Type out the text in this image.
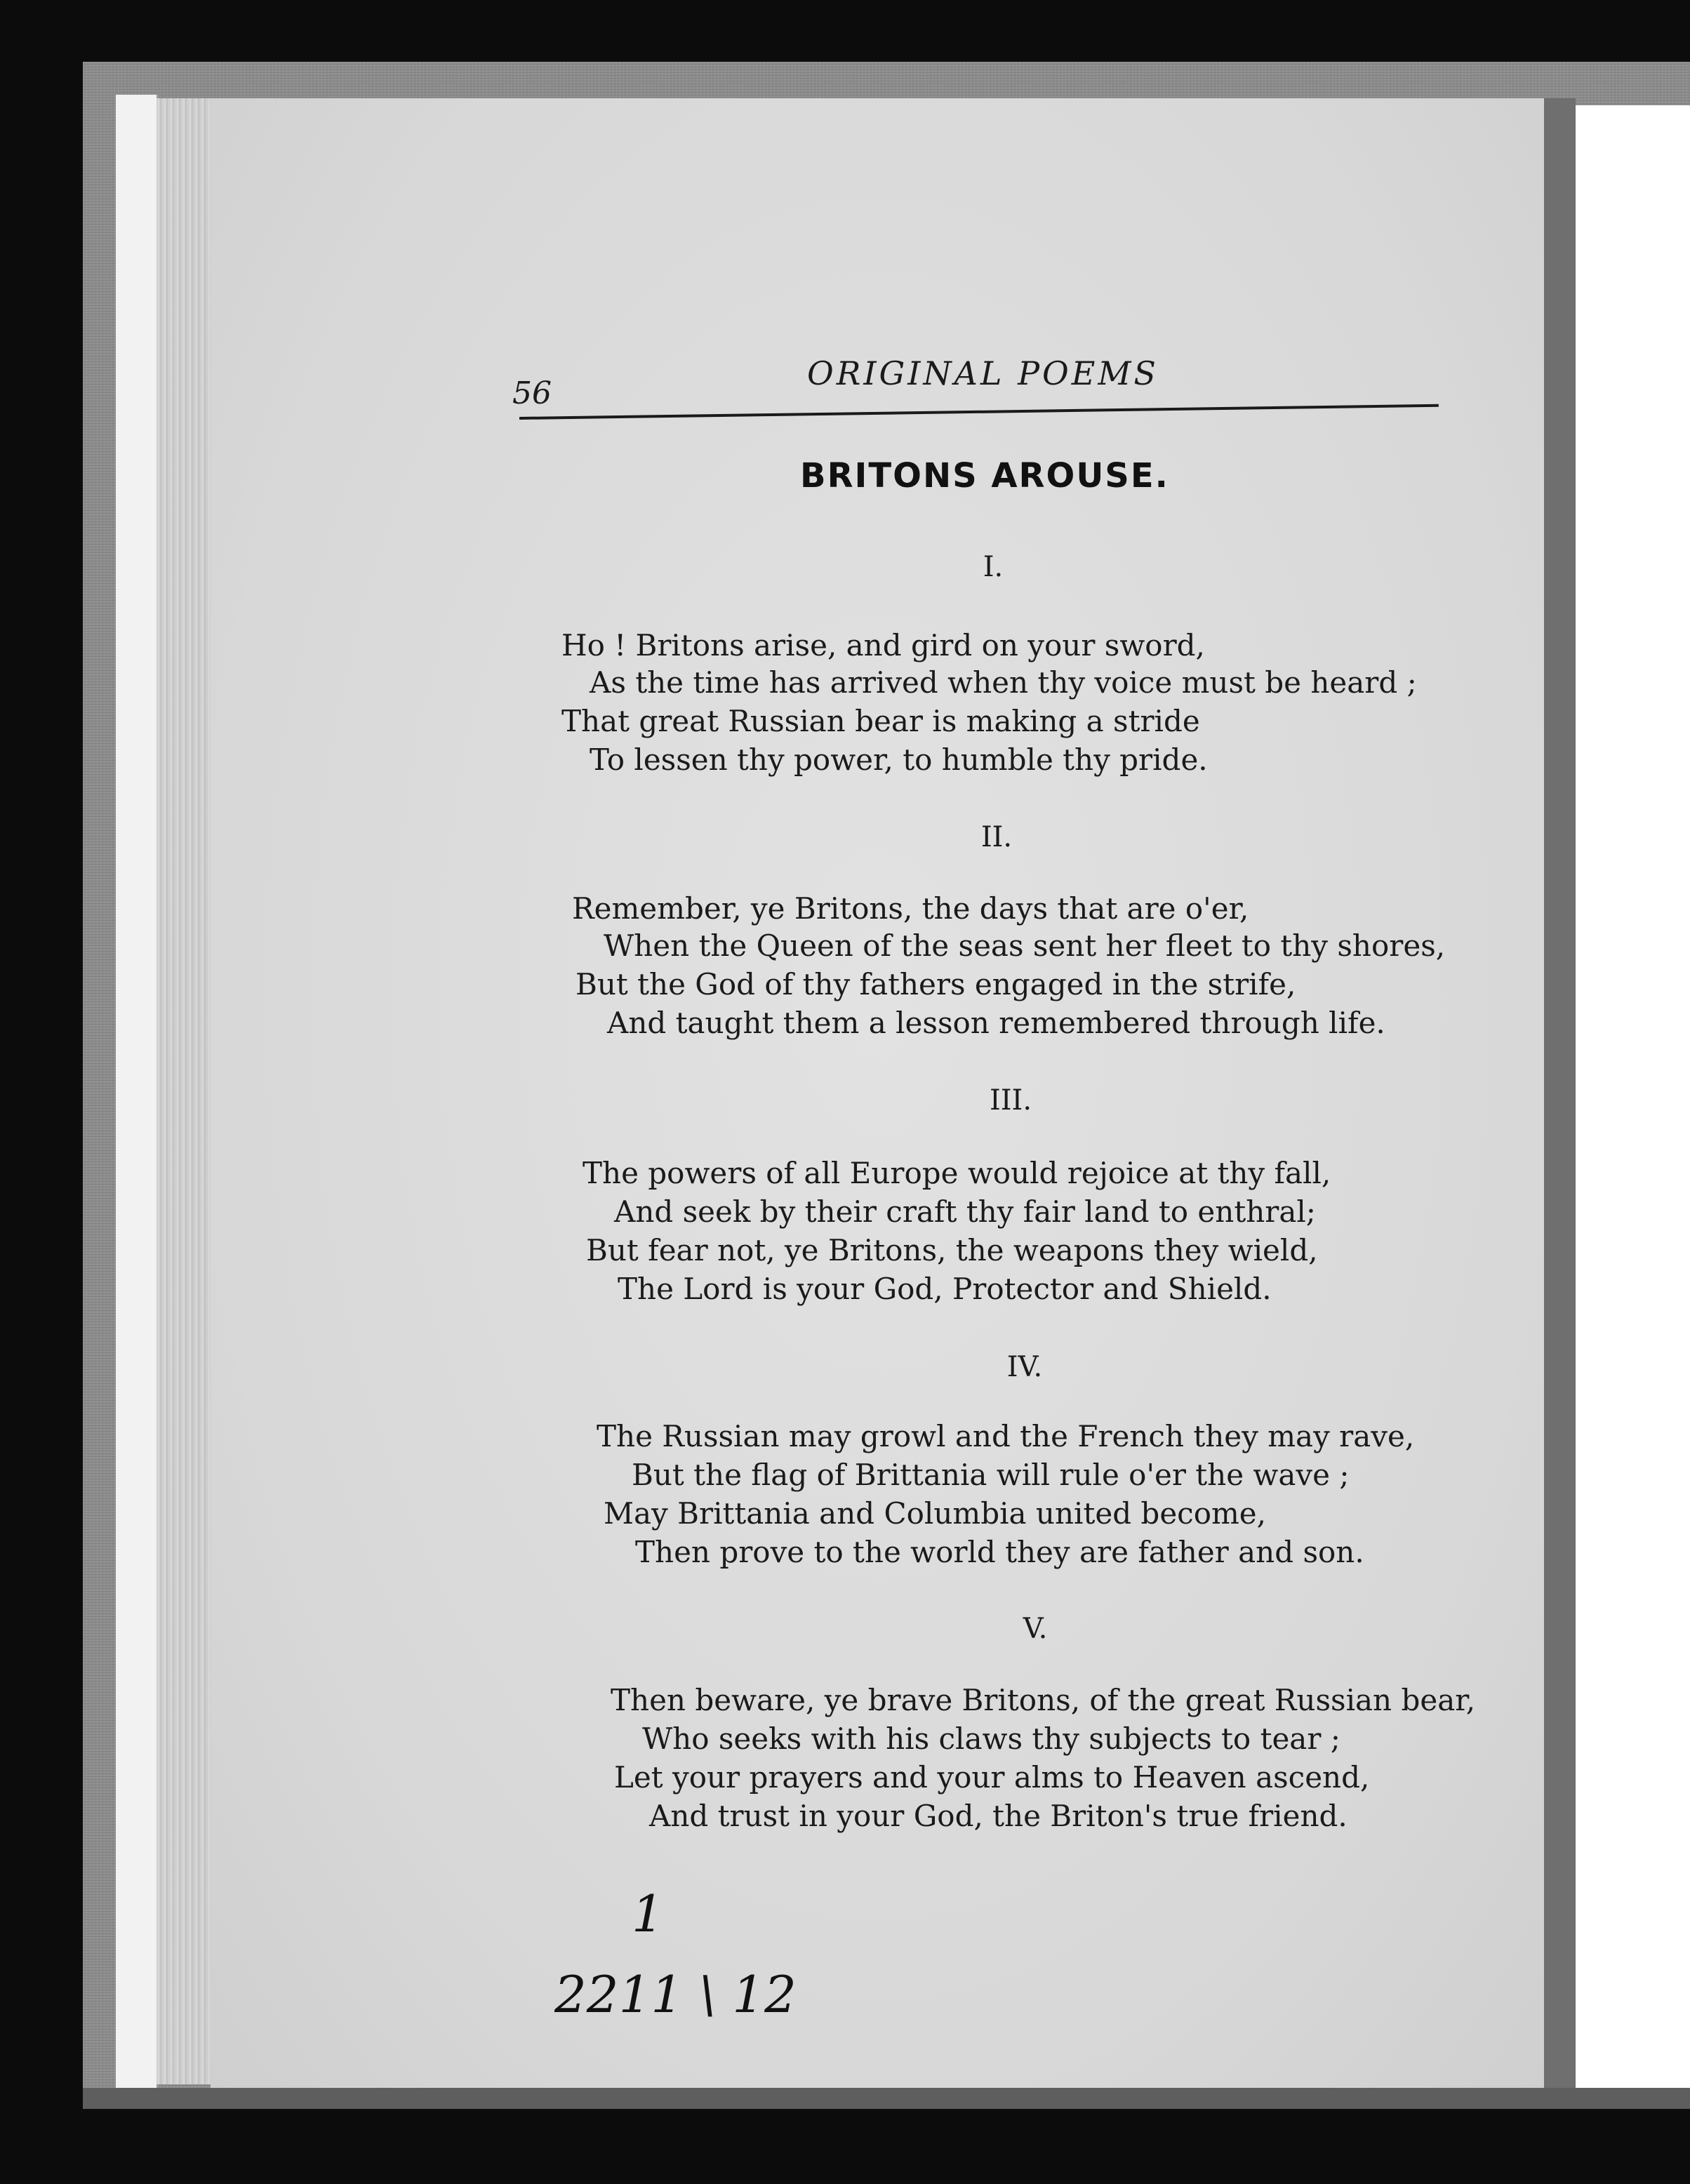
56
ORIGINAL POEMS
BRITONS AROUSE.
I.
Ho ! Britons arise, and gird on your sword,
As the time has arrived when thy voice must be heard ;
That great Russian bear is making a stride
To lessen thy power, to humble thy pride.
II.
Remember, ye Britons, the days that are o'er,
When the Queen of the seas sent her fleet to thy shores,
But the God of thy fathers engaged in the strife,
And taught them a lesson remembered through life.
III.
The powers of all Europe would rejoice at thy fall,
And seek by their craft thy fair land to enthral;
But fear not, ye Britons, the weapons they wield,
The Lord is your God, Protector and Shield.
IV.
The Russian may growl and the French they may rave,
But the flag of Brittania will rule o'er the wave ;
May Brittania and Columbia united become,
Then prove to the world they are father and son.
V.
Then beware, ye brave Britons, of the great Russian bear,
Who seeks with his claws thy subjects to tear ;
Let your prayers and your alms to Heaven ascend,
And trust in your God, the Briton's true friend.
1
2211 \ 12
